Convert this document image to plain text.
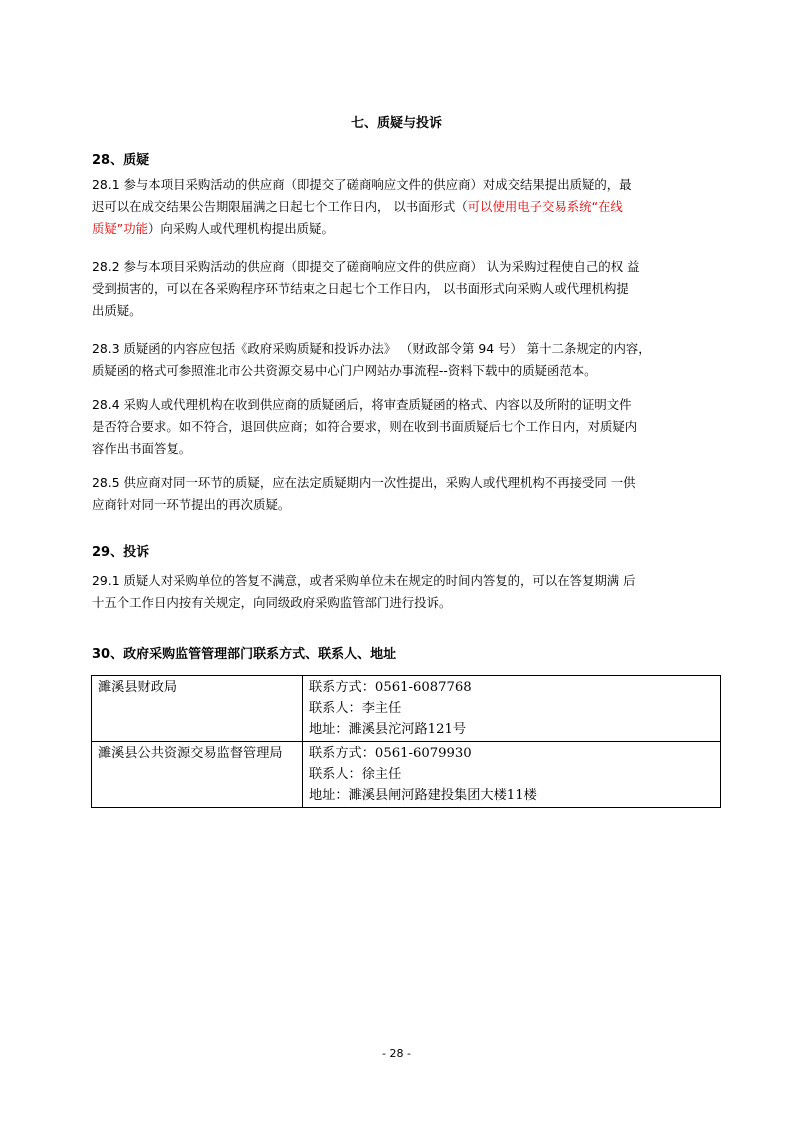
七、质疑与投诉
28、质疑
28.1 参与本项目采购活动的供应商（即提交了磋商响应文件的供应商）对成交结果提出质疑的，最
迟可以在成交结果公告期限届满之日起七个工作日内， 以书面形式（可以使用电子交易系统“在线
质疑”功能）向采购人或代理机构提出质疑。
28.2 参与本项目采购活动的供应商（即提交了磋商响应文件的供应商） 认为采购过程使自己的权 益
受到损害的，可以在各采购程序环节结束之日起七个工作日内， 以书面形式向采购人或代理机构提
出质疑。
28.3 质疑函的内容应包括《政府采购质疑和投诉办法》 （财政部令第 94 号） 第十二条规定的内容，
质疑函的格式可参照淮北市公共资源交易中心门户网站办事流程--资料下载中的质疑函范本。
28.4 采购人或代理机构在收到供应商的质疑函后，将审查质疑函的格式、内容以及所附的证明文件
是否符合要求。如不符合，退回供应商；如符合要求，则在收到书面质疑后七个工作日内，对质疑内
容作出书面答复。
28.5 供应商对同一环节的质疑，应在法定质疑期内一次性提出，采购人或代理机构不再接受同 一供
应商针对同一环节提出的再次质疑。
29、投诉
29.1 质疑人对采购单位的答复不满意，或者采购单位未在规定的时间内答复的，可以在答复期满 后
十五个工作日内按有关规定，向同级政府采购监管部门进行投诉。
30、政府采购监管管理部门联系方式、联系人、地址
濉溪县财政局	联系方式：0561-6087768
联系人：李主任
地址：濉溪县沱河路121号

濉溪县公共资源交易监督管理局	联系方式：0561-6079930
联系人：徐主任
地址：濉溪县闸河路建投集团大楼11楼
- 28 -
